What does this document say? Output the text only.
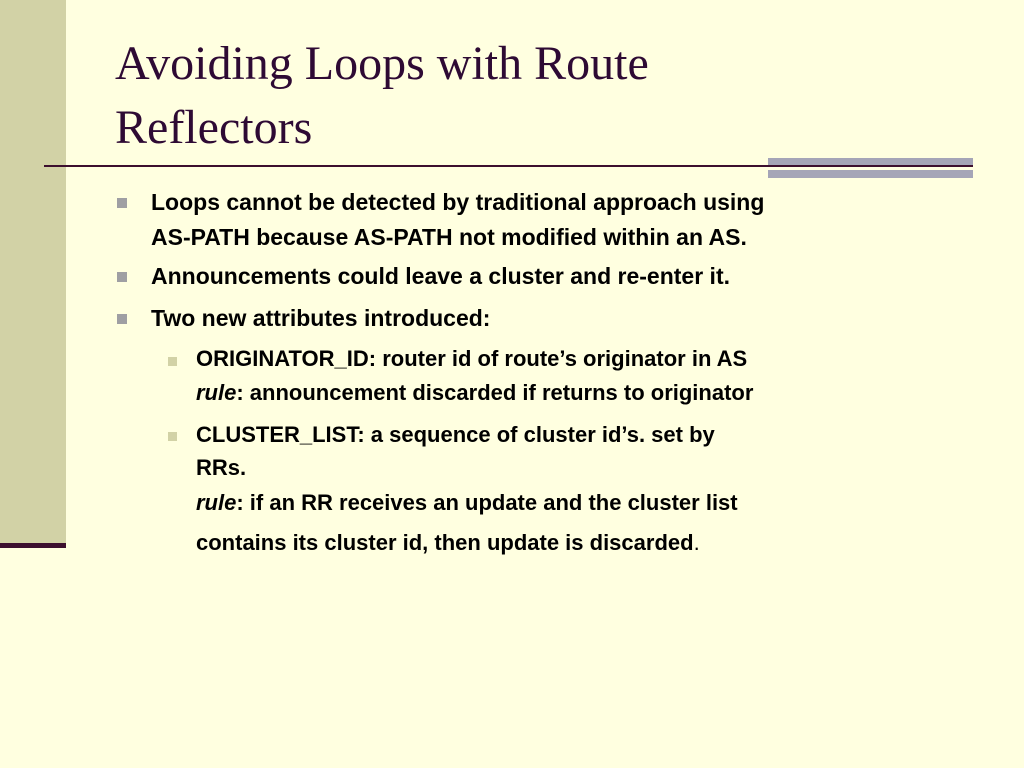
Avoiding Loops with Route
Reflectors
Loops cannot be detected by traditional approach using
AS-PATH because AS-PATH not modified within an AS.
Announcements could leave a cluster and re-enter it.
Two new attributes introduced:
ORIGINATOR_ID: router id of route’s originator in AS
rule: announcement discarded if returns to originator
CLUSTER_LIST: a sequence of cluster id’s. set by
RRs.
rule: if an RR receives an update and the cluster list
contains its cluster id, then update is discarded.
